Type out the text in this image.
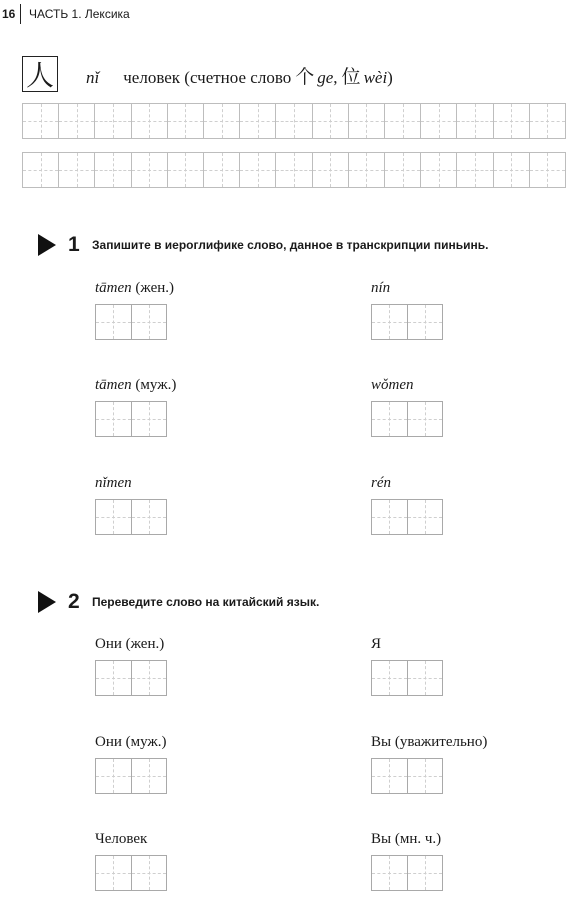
16	ЧАСТЬ 1. Лексика
人 nǐ человек (счетное слово 个 ge , 位 wèi )
1	Запишите в иероглифике слово, данное в транскрипции пиньинь.
tāmen (жен.)	nín
tāmen (муж.)	wǒmen
nǐmen	rén
2	Переведите слово на китайский язык.
Они (жен.)	Я
Они (муж.)	Вы (уважительно)
Человек	Вы (мн. ч.)
